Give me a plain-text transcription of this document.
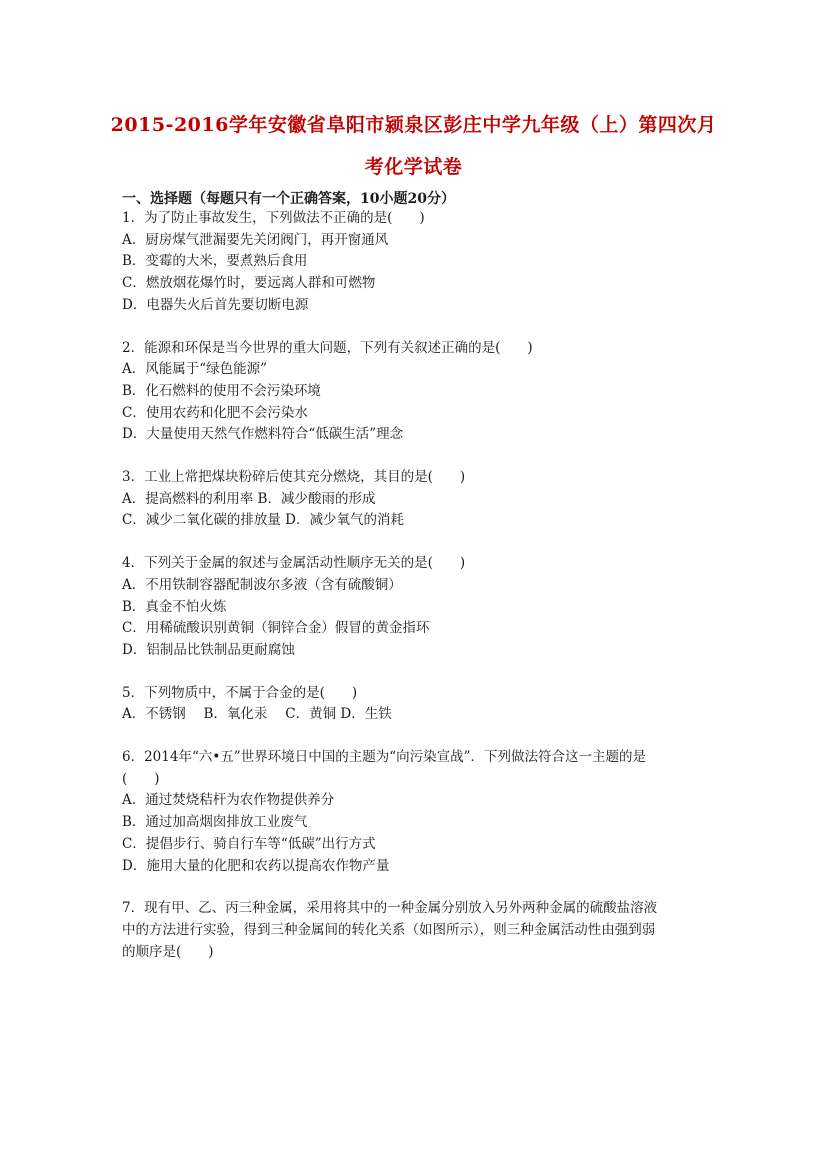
2015-2016学年安徽省阜阳市颍泉区彭庄中学九年级（上）第四次月
考化学试卷
一、选择题（每题只有一个正确答案，10小题20分）
1．为了防止事故发生，下列做法不正确的是(　　)
A．厨房煤气泄漏要先关闭阀门，再开窗通风
B．变霉的大米，要煮熟后食用
C．燃放烟花爆竹时，要远离人群和可燃物
D．电器失火后首先要切断电源
2．能源和环保是当今世界的重大问题，下列有关叙述正确的是(　　)
A．风能属于“绿色能源”
B．化石燃料的使用不会污染环境
C．使用农药和化肥不会污染水
D．大量使用天然气作燃料符合“低碳生活”理念
3．工业上常把煤块粉碎后使其充分燃烧，其目的是(　　)
A．提高燃料的利用率 B．减少酸雨的形成
C．减少二氧化碳的排放量 D．减少氧气的消耗
4．下列关于金属的叙述与金属活动性顺序无关的是(　　)
A．不用铁制容器配制波尔多液（含有硫酸铜）
B．真金不怕火炼
C．用稀硫酸识别黄铜（铜锌合金）假冒的黄金指环
D．铝制品比铁制品更耐腐蚀
5．下列物质中，不属于合金的是(　　)
A．不锈钢　 B．氧化汞　 C．黄铜 D．生铁
6．2014年“六•五”世界环境日中国的主题为“向污染宣战”．下列做法符合这一主题的是
(　　)
A．通过焚烧秸杆为农作物提供养分
B．通过加高烟囱排放工业废气
C．提倡步行、骑自行车等“低碳”出行方式
D．施用大量的化肥和农药以提高农作物产量
7．现有甲、乙、丙三种金属，采用将其中的一种金属分别放入另外两种金属的硫酸盐溶液
中的方法进行实验，得到三种金属间的转化关系（如图所示），则三种金属活动性由强到弱
的顺序是(　　)
